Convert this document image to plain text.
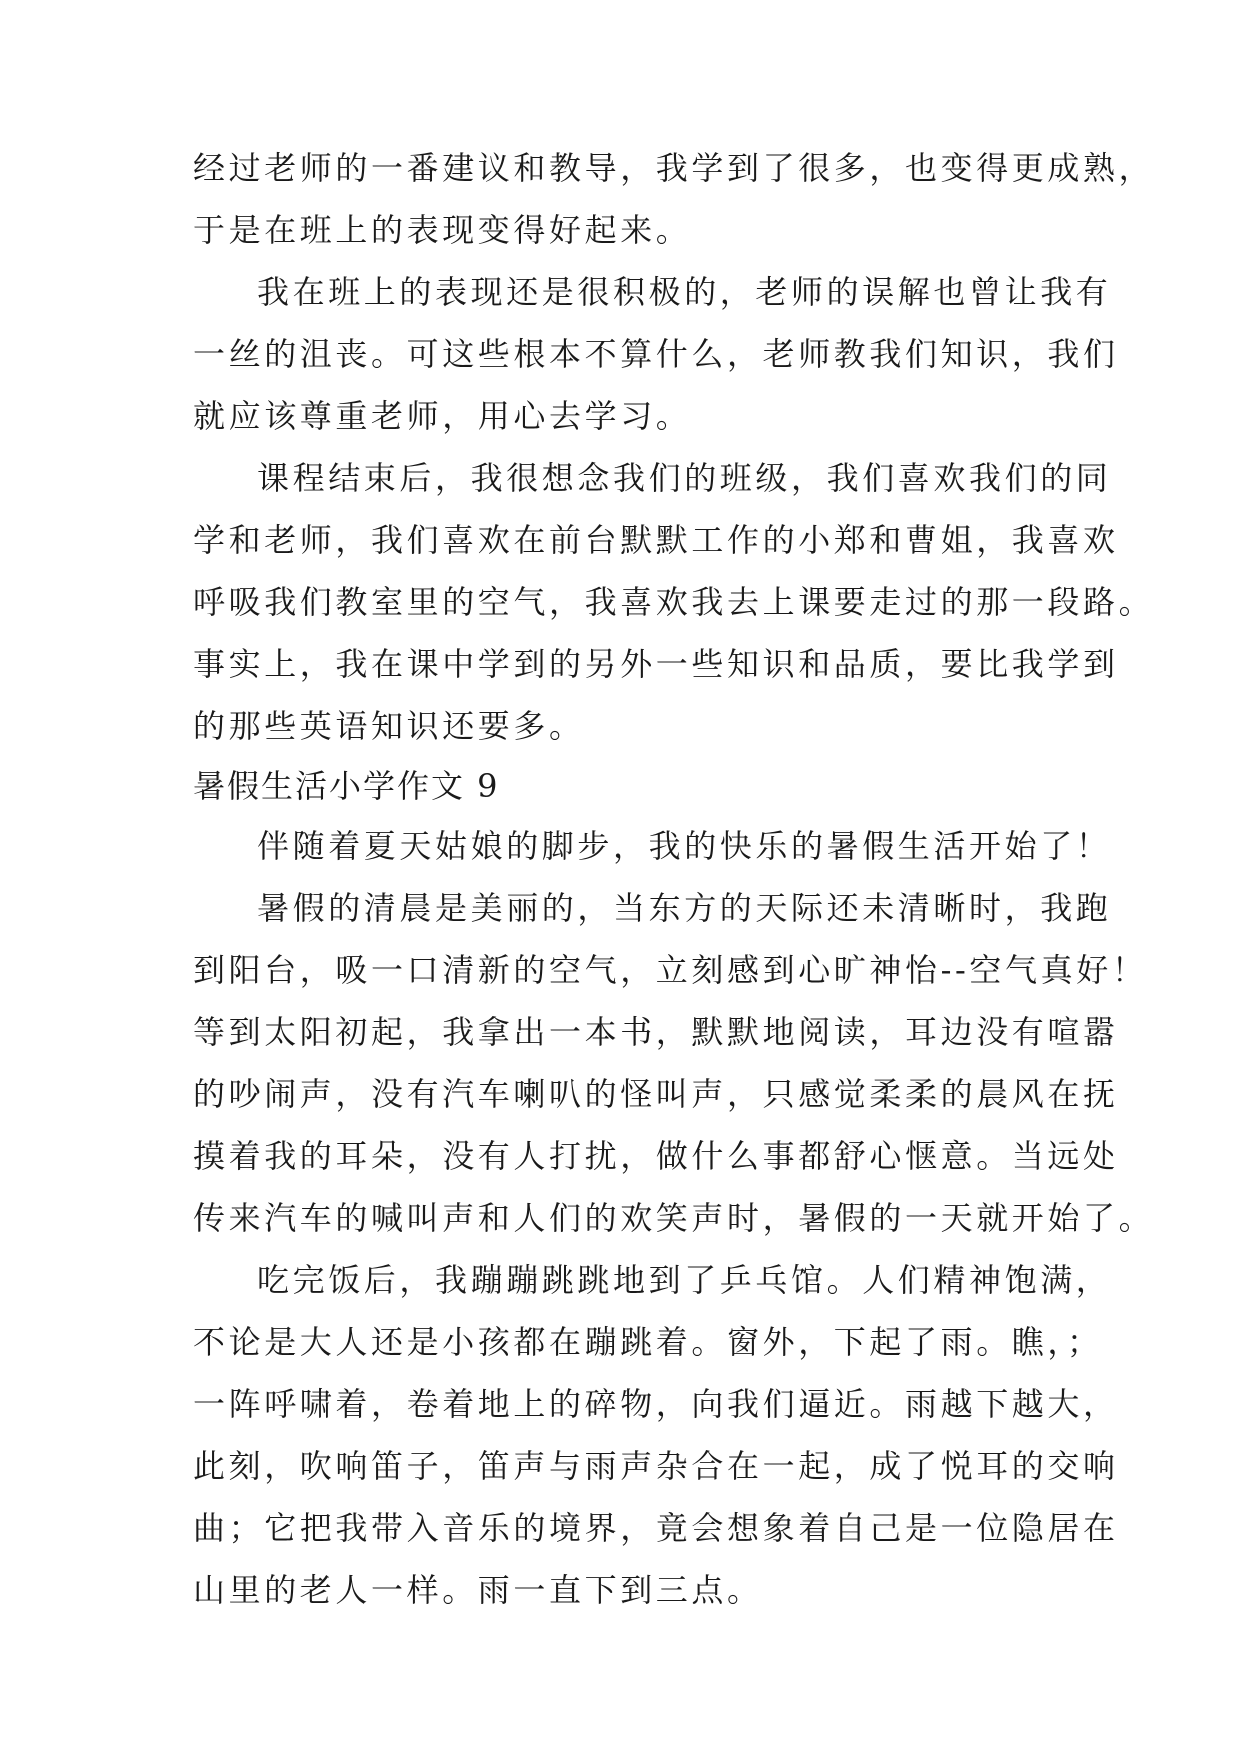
经过老师的一番建议和教导，我学到了很多，也变得更成熟，
于是在班上的表现变得好起来。
我在班上的表现还是很积极的，老师的误解也曾让我有
一丝的沮丧。可这些根本不算什么，老师教我们知识，我们
就应该尊重老师，用心去学习。
课程结束后，我很想念我们的班级，我们喜欢我们的同
学和老师，我们喜欢在前台默默工作的小郑和曹姐，我喜欢
呼吸我们教室里的空气，我喜欢我去上课要走过的那一段路。
事实上，我在课中学到的另外一些知识和品质，要比我学到
的那些英语知识还要多。
暑假生活小学作文 9
伴随着夏天姑娘的脚步，我的快乐的暑假生活开始了！
暑假的清晨是美丽的，当东方的天际还未清晰时，我跑
到阳台，吸一口清新的空气，立刻感到心旷神怡--空气真好！
等到太阳初起，我拿出一本书，默默地阅读，耳边没有喧嚣
的吵闹声，没有汽车喇叭的怪叫声，只感觉柔柔的晨风在抚
摸着我的耳朵，没有人打扰，做什么事都舒心惬意。当远处
传来汽车的喊叫声和人们的欢笑声时，暑假的一天就开始了。
吃完饭后，我蹦蹦跳跳地到了乒乓馆。人们精神饱满，
不论是大人还是小孩都在蹦跳着。窗外，下起了雨。瞧，；
一阵呼啸着，卷着地上的碎物，向我们逼近。雨越下越大，
此刻，吹响笛子，笛声与雨声杂合在一起，成了悦耳的交响
曲；它把我带入音乐的境界，竟会想象着自己是一位隐居在
山里的老人一样。雨一直下到三点。
